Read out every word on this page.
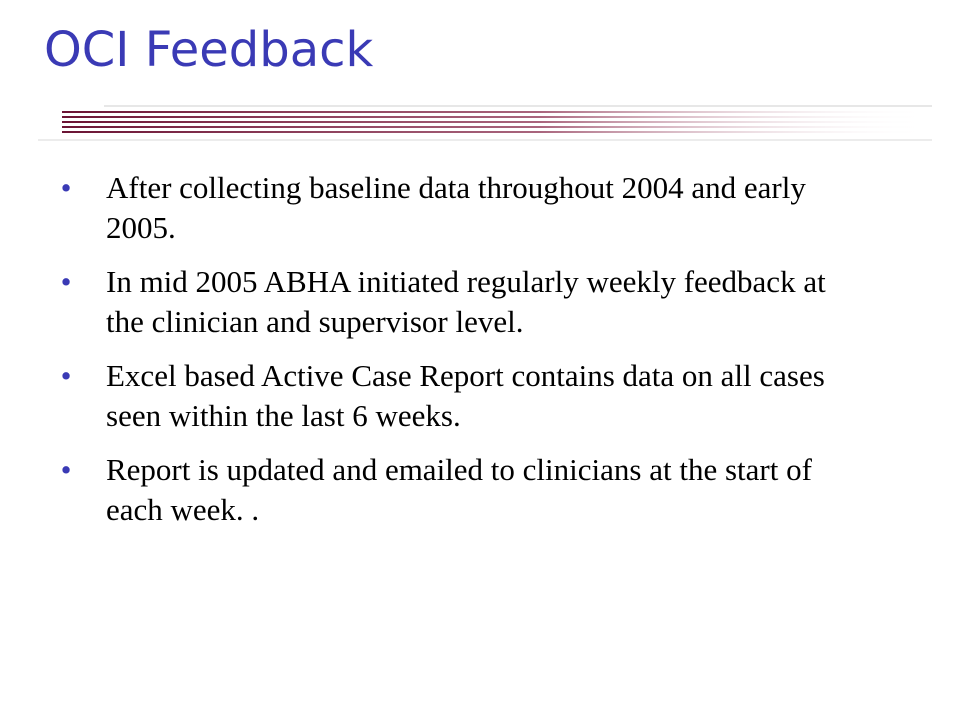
OCI Feedback
• After collecting baseline data throughout 2004 and early 2005.
• In mid 2005 ABHA initiated regularly weekly feedback at the clinician and supervisor level.
• Excel based Active Case Report contains data on all cases seen within the last 6 weeks.
• Report is updated and emailed to clinicians at the start of each week. .
